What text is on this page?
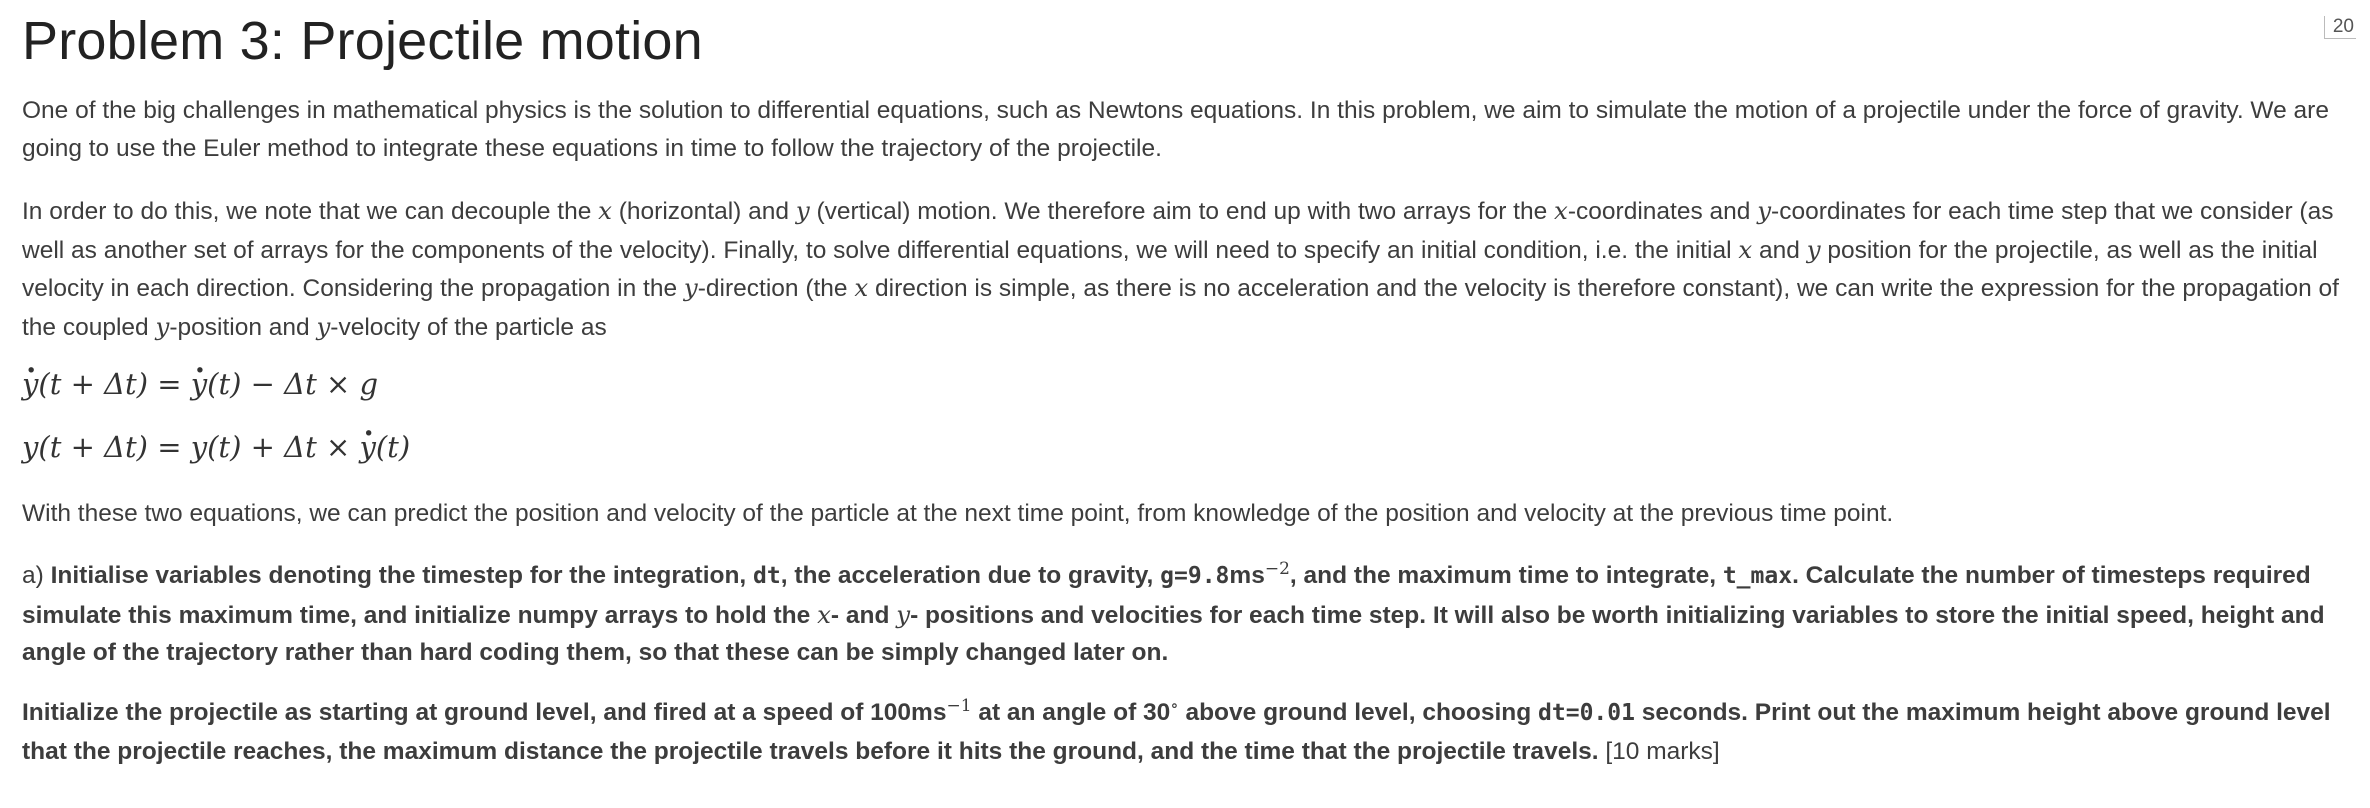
20
Problem 3: Projectile motion

One of the big challenges in mathematical physics is the solution to differential equations, such as Newtons equations. In this problem, we aim to simulate the motion of a projectile under the force of gravity. We are going to use the Euler method to integrate these equations in time to follow the trajectory of the projectile.

In order to do this, we note that we can decouple the x (horizontal) and y (vertical) motion. We therefore aim to end up with two arrays for the x-coordinates and y-coordinates for each time step that we consider (as well as another set of arrays for the components of the velocity). Finally, to solve differential equations, we will need to specify an initial condition, i.e. the initial x and y position for the projectile, as well as the initial velocity in each direction. Considering the propagation in the y-direction (the x direction is simple, as there is no acceleration and the velocity is therefore constant), we can write the expression for the propagation of the coupled y-position and y-velocity of the particle as

· y(t + Δt) = · y(t) − Δt × g
y(t + Δt) = y(t) + Δt × · y(t)

With these two equations, we can predict the position and velocity of the particle at the next time point, from knowledge of the position and velocity at the previous time point.

a) Initialise variables denoting the timestep for the integration, dt, the acceleration due to gravity, $g=9.8ms^{-2}$, and the maximum time to integrate, t_max. Calculate the number of timesteps required simulate this maximum time, and initialize numpy arrays to hold the x- and y- positions and velocities for each time step. It will also be worth initializing variables to store the initial speed, height and angle of the trajectory rather than hard coding them, so that these can be simply changed later on.

Initialize the projectile as starting at ground level, and fired at a speed of $100ms^{-1}$ at an angle of 30∘ above ground level, choosing dt=0.01 seconds. Print out the maximum height above ground level that the projectile reaches, the maximum distance the projectile travels before it hits the ground, and the time that the projectile travels. [10 marks]
